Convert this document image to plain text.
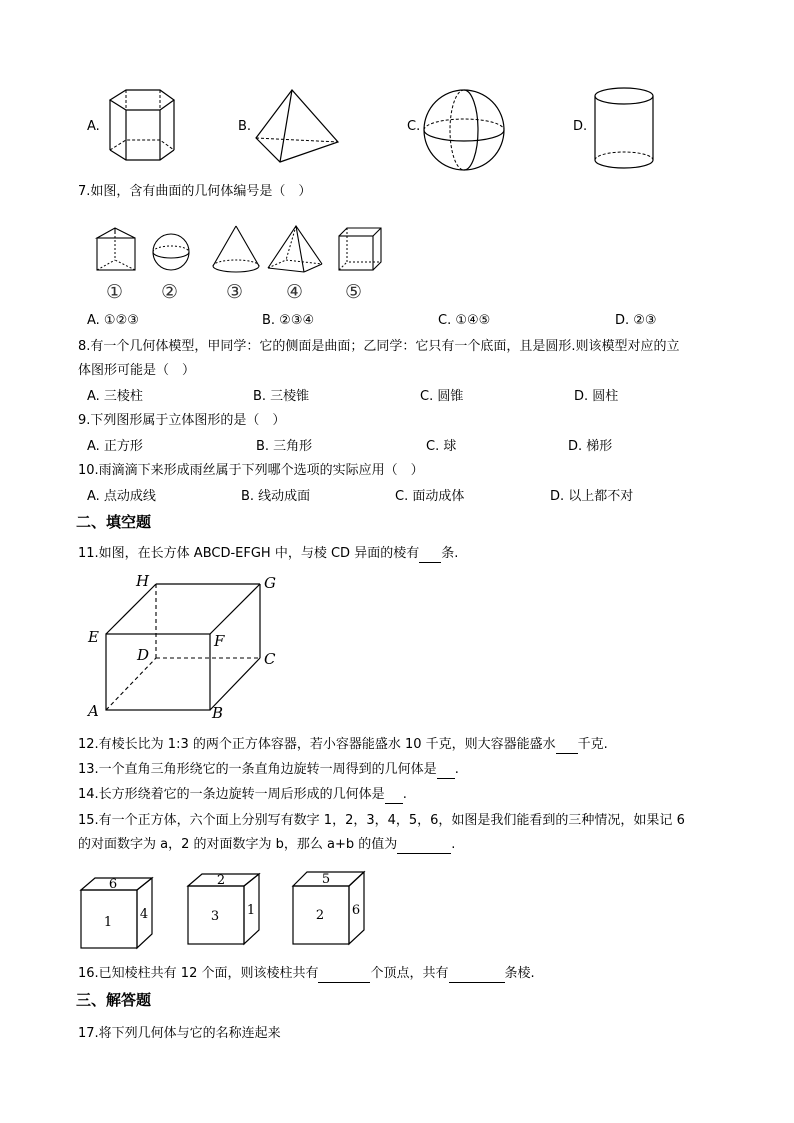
A.	B.	C.	D.
7.如图，含有曲面的几何体编号是（　）
① ②	③ ④ ⑤
A. ①②③	B. ②③④	C. ①④⑤	D. ②③
8.有一个几何体模型，甲同学：它的侧面是曲面；乙同学：它只有一个底面，且是圆形.则该模型对应的立
体图形可能是（　）
A. 三棱柱	B. 三棱锥	C. 圆锥	D. 圆柱
9.下列图形属于立体图形的是（　）
A. 正方形	B. 三角形	C. 球	D. 梯形
10.雨滴滴下来形成雨丝属于下列哪个选项的实际应用（　）
A. 点动成线	B. 线动成面	C. 面动成体	D. 以上都不对
二、填空题
11.如图，在长方体 ABCD-EFGH 中，与棱 CD 异面的棱有 条.
H	G
E	F
D	C
A	B
12.有棱长比为 1:3 的两个正方体容器，若小容器能盛水 10 千克，则大容器能盛水 千克.
13.一个直角三角形绕它的一条直角边旋转一周得到的几何体是 .
14.长方形绕着它的一条边旋转一周后形成的几何体是 .
15.有一个正方体，六个面上分别写有数字 1，2，3，4，5，6，如图是我们能看到的三种情况，如果记 6
的对面数字为 a，2 的对面数字为 b，那么 a+b 的值为	.
6
1
4
2
3 1
5
2 6
16.已知棱柱共有 12 个面，则该棱柱共有	个顶点，共有	条棱.
三、解答题
17.将下列几何体与它的名称连起来
